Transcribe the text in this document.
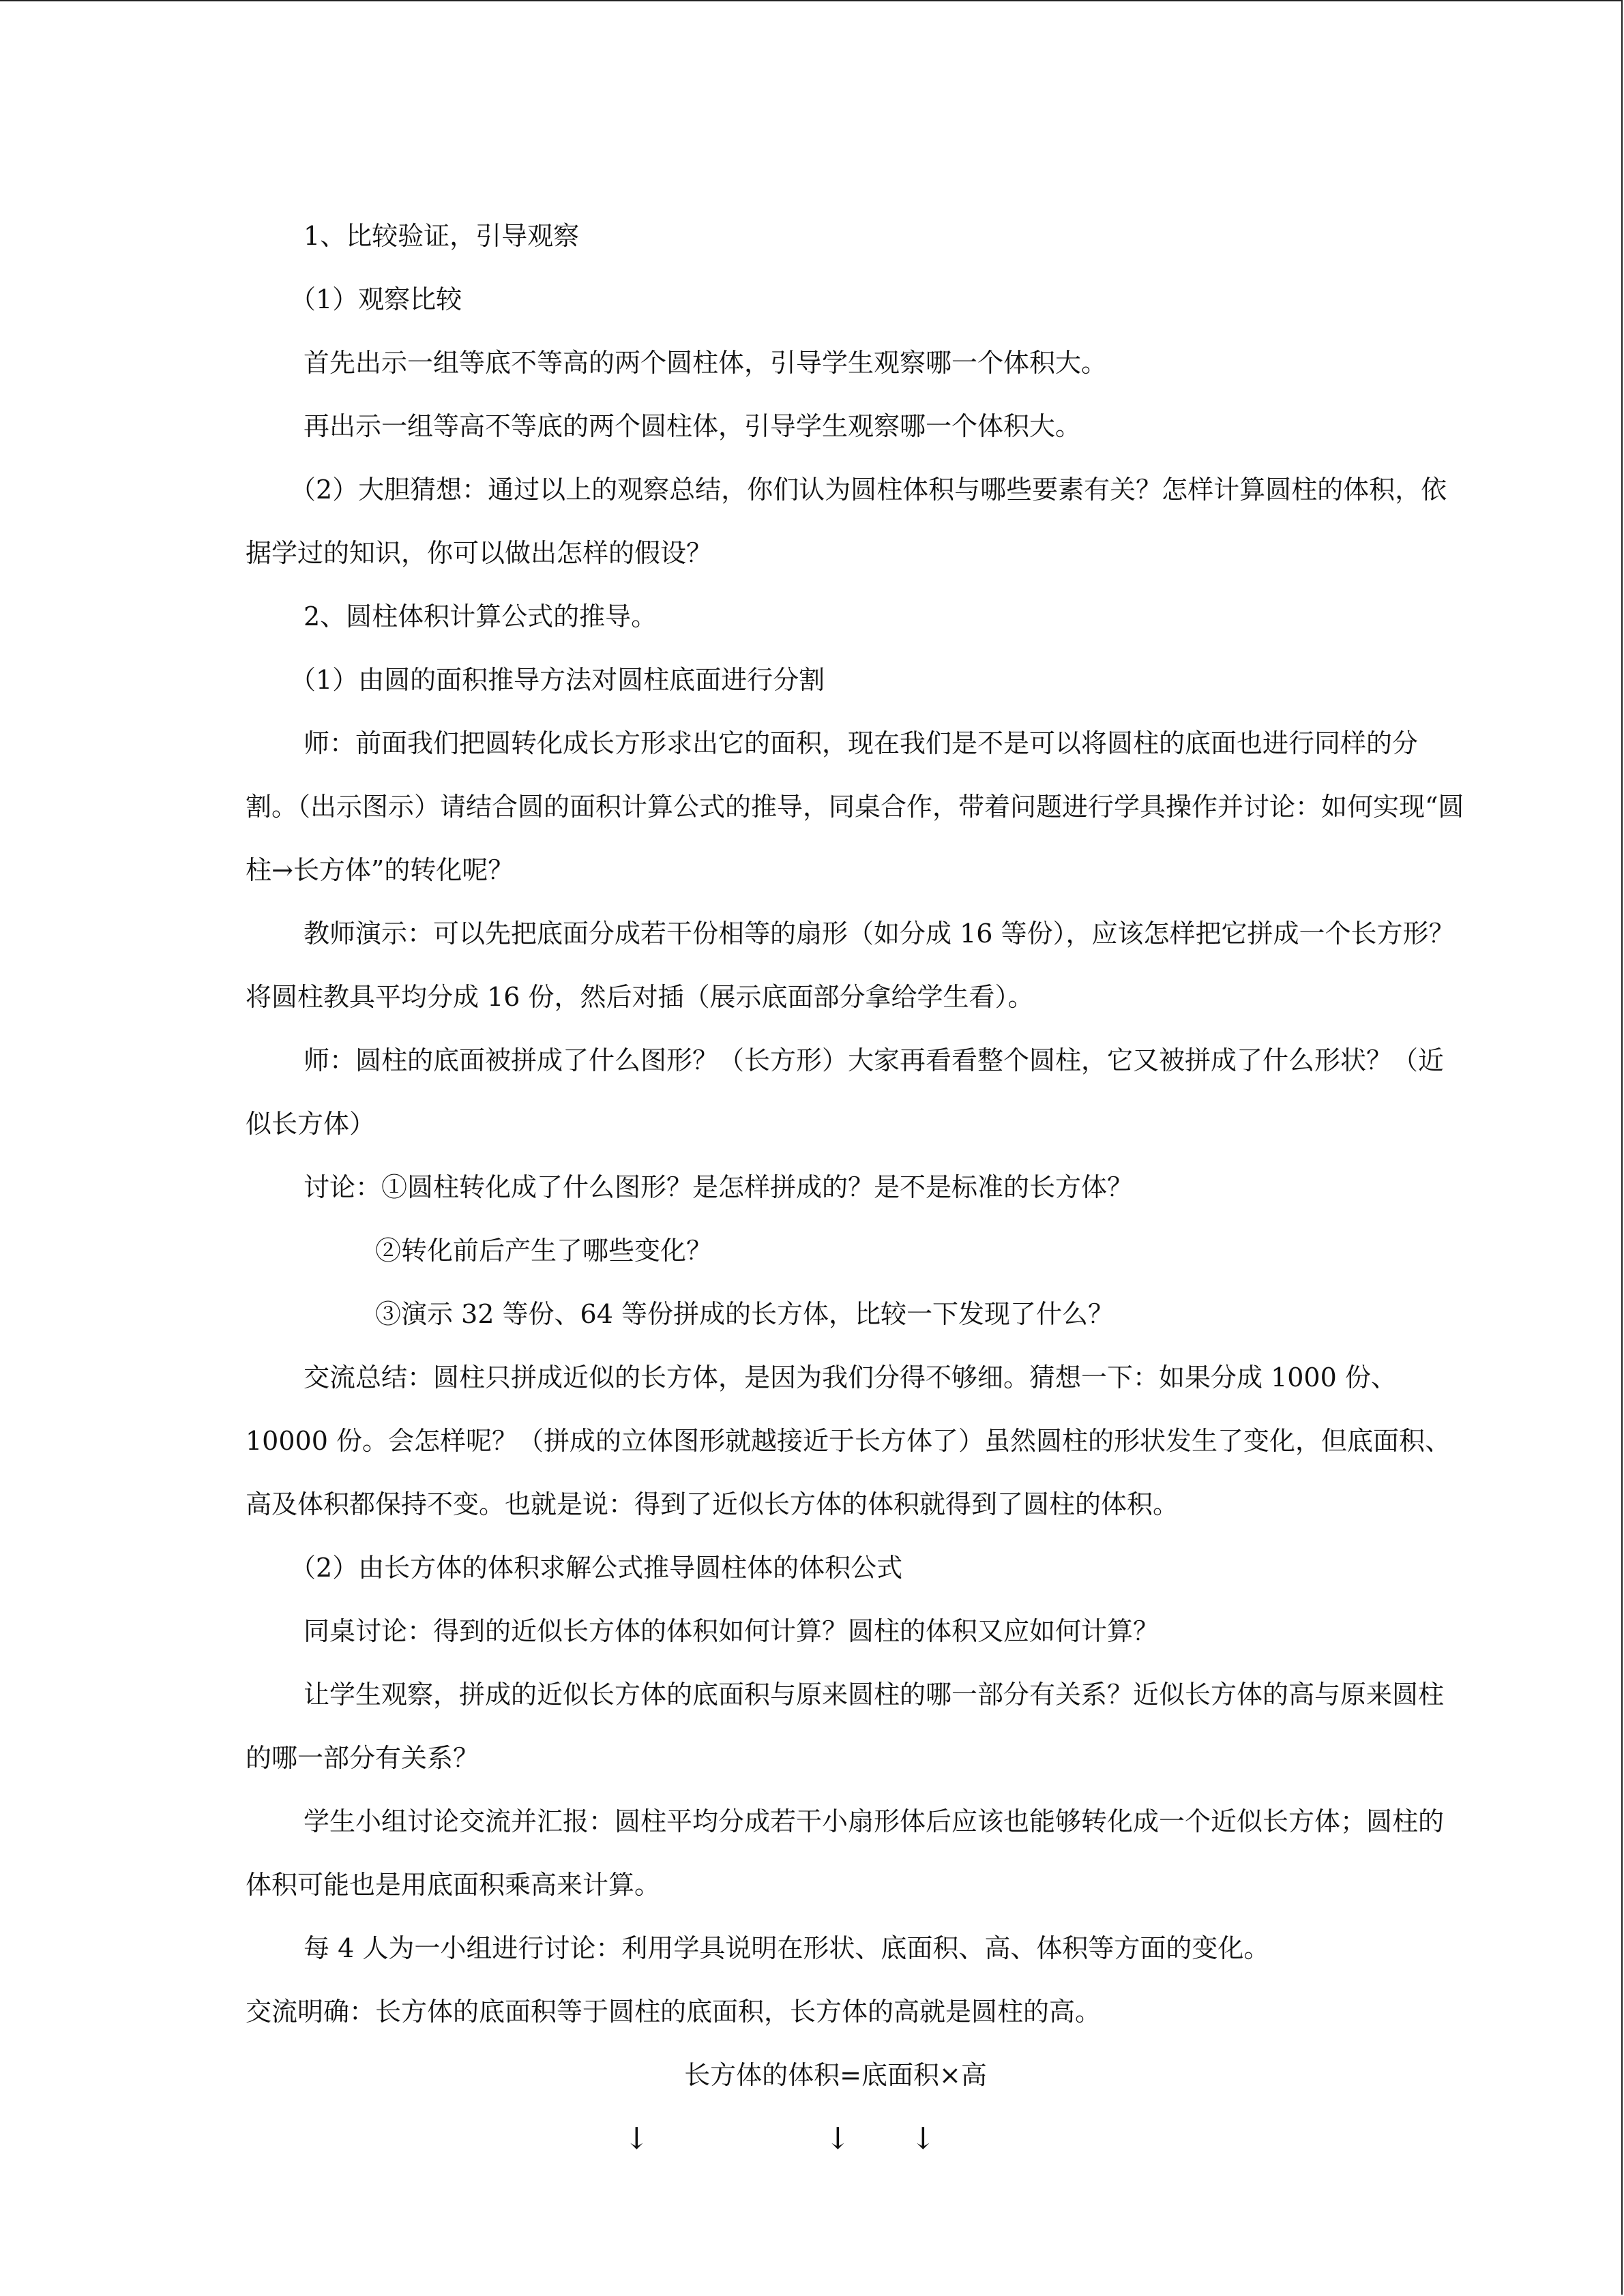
1、比较验证，引导观察

（1）观察比较

首先出示一组等底不等高的两个圆柱体，引导学生观察哪一个体积大。

再出示一组等高不等底的两个圆柱体，引导学生观察哪一个体积大。

（2）大胆猜想：通过以上的观察总结，你们认为圆柱体积与哪些要素有关？怎样计算圆柱的体积，依据学过的知识，你可以做出怎样的假设？

2、圆柱体积计算公式的推导。

（1）由圆的面积推导方法对圆柱底面进行分割

师：前面我们把圆转化成长方形求出它的面积，现在我们是不是可以将圆柱的底面也进行同样的分割。（出示图示）请结合圆的面积计算公式的推导，同桌合作，带着问题进行学具操作并讨论：如何实现“圆柱→长方体”的转化呢？

教师演示：可以先把底面分成若干份相等的扇形（如分成 16 等份），应该怎样把它拼成一个长方形？将圆柱教具平均分成 16 份，然后对插（展示底面部分拿给学生看）。

师：圆柱的底面被拼成了什么图形？（长方形）大家再看看整个圆柱，它又被拼成了什么形状？（近似长方体）

讨论：①圆柱转化成了什么图形？是怎样拼成的？是不是标准的长方体？

②转化前后产生了哪些变化？

③演示 32 等份、64 等份拼成的长方体，比较一下发现了什么？

交流总结：圆柱只拼成近似的长方体，是因为我们分得不够细。猜想一下：如果分成 1000 份、10000 份。会怎样呢？（拼成的立体图形就越接近于长方体了）虽然圆柱的形状发生了变化，但底面积、高及体积都保持不变。也就是说：得到了近似长方体的体积就得到了圆柱的体积。

（2）由长方体的体积求解公式推导圆柱体的体积公式

同桌讨论：得到的近似长方体的体积如何计算？圆柱的体积又应如何计算？

让学生观察，拼成的近似长方体的底面积与原来圆柱的哪一部分有关系？近似长方体的高与原来圆柱的哪一部分有关系？

学生小组讨论交流并汇报：圆柱平均分成若干小扇形体后应该也能够转化成一个近似长方体；圆柱的体积可能也是用底面积乘高来计算。

每 4 人为一小组进行讨论：利用学具说明在形状、底面积、高、体积等方面的变化。

交流明确：长方体的底面积等于圆柱的底面积，长方体的高就是圆柱的高。

长方体的体积=底面积×高

↓	↓ ↓
